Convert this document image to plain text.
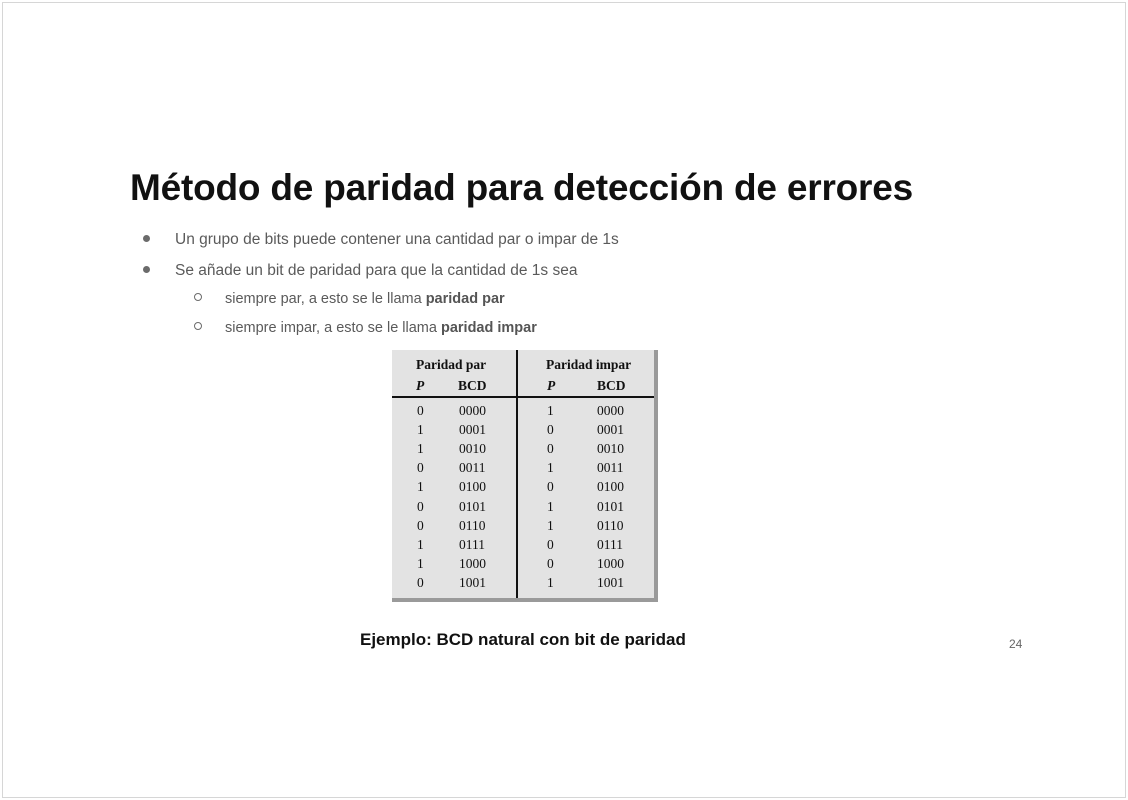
Método de paridad para detección de errores
Un grupo de bits puede contener una cantidad par o impar de 1s
Se añade un bit de paridad para que la cantidad de 1s sea
siempre par, a esto se le llama paridad par
siempre impar, a esto se le llama paridad impar
Paridad par	Paridad impar
P	BCD	P	BCD
0	0000	1	0000
1	0001	0	0001
1	0010	0	0010
0	0011	1	0011
1	0100	0	0100
0	0101	1	0101
0	0110	1	0110
1	0111	0	0111
1	1000	0	1000
0	1001	1	1001
Ejemplo: BCD natural con bit de paridad	24
